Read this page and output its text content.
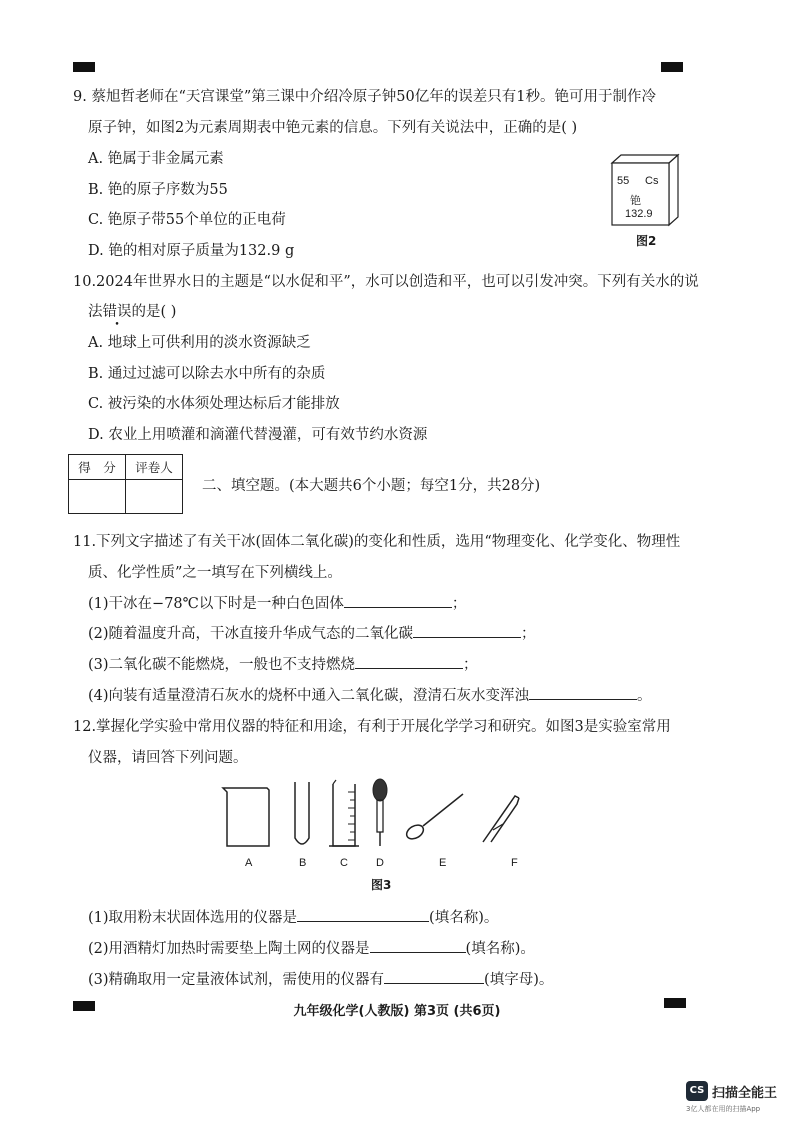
9. 蔡旭哲老师在“天宫课堂”第三课中介绍冷原子钟50亿年的误差只有1秒。铯可用于制作冷
原子钟，如图2为元素周期表中铯元素的信息。下列有关说法中，正确的是( )
A. 铯属于非金属元素
B. 铯的原子序数为55
C. 铯原子带55个单位的正电荷
D. 铯的相对原子质量为132.9 g
55 Cs
铯
132.9
图2
10.2024年世界水日的主题是“以水促和平”，水可以创造和平，也可以引发冲突。下列有关水的说
法错误的是( )
A. 地球上可供利用的淡水资源缺乏
B. 通过过滤可以除去水中所有的杂质
C. 被污染的水体须处理达标后才能排放
D. 农业上用喷灌和滴灌代替漫灌，可有效节约水资源
得　分	评卷人

二、填空题。(本大题共6个小题；每空1分，共28分)
11.下列文字描述了有关干冰(固体二氧化碳)的变化和性质，选用“物理变化、化学变化、物理性
质、化学性质”之一填写在下列横线上。
(1)干冰在−78℃以下时是一种白色固体	；
(2)随着温度升高，干冰直接升华成气态的二氧化碳	；
(3)二氧化碳不能燃烧，一般也不支持燃烧	；
(4)向装有适量澄清石灰水的烧杯中通入二氧化碳，澄清石灰水变浑浊	。
12.掌握化学实验中常用仪器的特征和用途，有利于开展化学学习和研究。如图3是实验室常用
仪器，请回答下列问题。
A	B	C	D	E	F
图3
(1)取用粉末状固体选用的仪器是	(填名称)。
(2)用酒精灯加热时需要垫上陶土网的仪器是	(填名称)。
(3)精确取用一定量液体试剂，需使用的仪器有	(填字母)。
九年级化学(人教版) 第3页 (共6页)
CS 扫描全能王
3亿人都在用的扫描App
